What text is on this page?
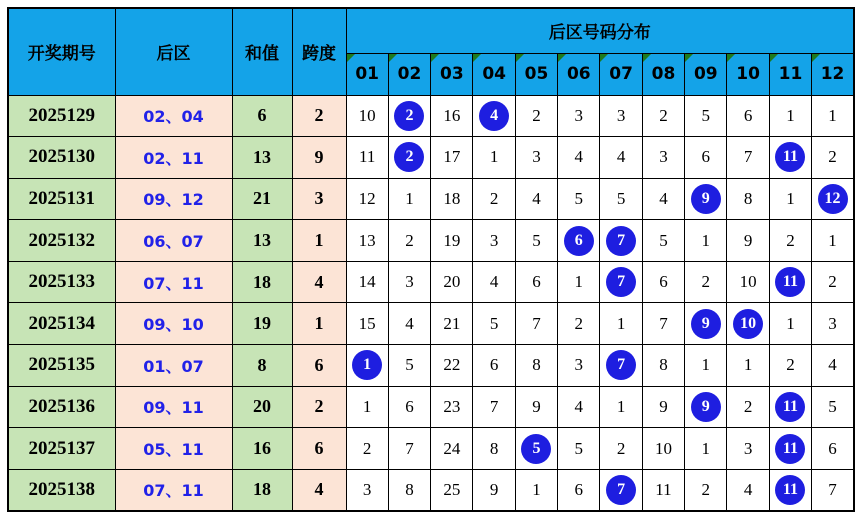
开奖期号	后区	和值	跨度	后区号码分布											

01	02	03	04	05	06	07	08	09	10	11	12
2025129	02、04	6	2	10	2	16	4	2	3	3	2	5	6	1	1
2025130	02、11	13	9	11	2	17	1	3	4	4	3	6	7	11	2
2025131	09、12	21	3	12	1	18	2	4	5	5	4	9	8	1	12
2025132	06、07	13	1	13	2	19	3	5	6	7	5	1	9	2	1
2025133	07、11	18	4	14	3	20	4	6	1	7	6	2	10	11	2
2025134	09、10	19	1	15	4	21	5	7	2	1	7	9	10	1	3
2025135	01、07	8	6	1	5	22	6	8	3	7	8	1	1	2	4
2025136	09、11	20	2	1	6	23	7	9	4	1	9	9	2	11	5
2025137	05、11	16	6	2	7	24	8	5	5	2	10	1	3	11	6
2025138	07、11	18	4	3	8	25	9	1	6	7	11	2	4	11	7
